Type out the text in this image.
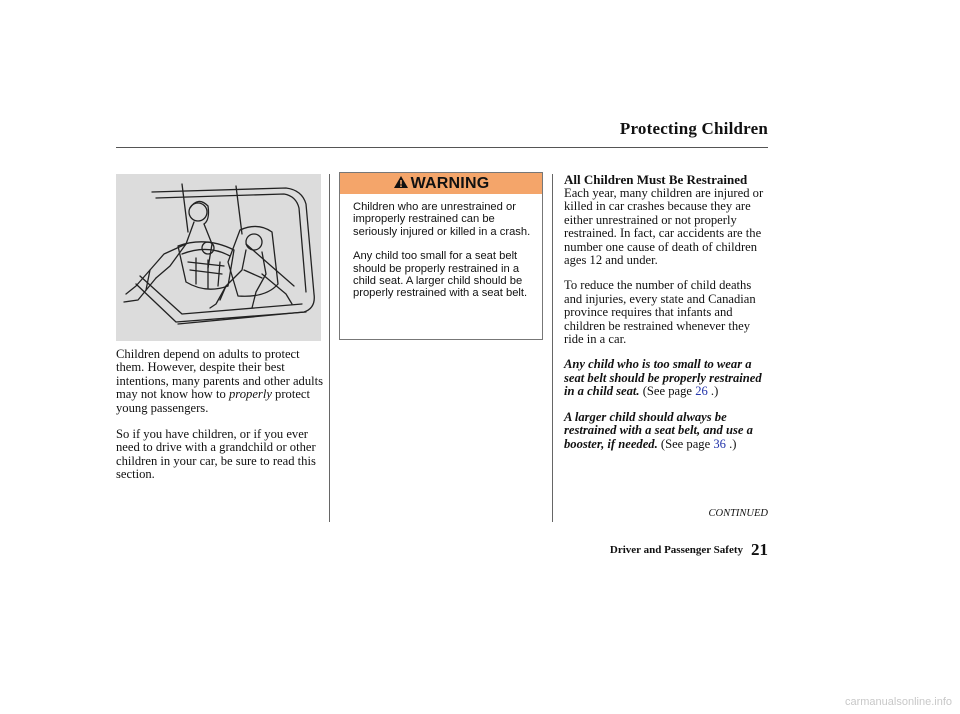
Protecting Children

Children depend on adults to protect them. However, despite their best intentions, many parents and other adults may not know how to properly protect young passengers.

So if you have children, or if you ever need to drive with a grandchild or other children in your car, be sure to read this section.

WARNING

Children who are unrestrained or improperly restrained can be seriously injured or killed in a crash.

Any child too small for a seat belt should be properly restrained in a child seat. A larger child should be properly restrained with a seat belt.

All Children Must Be Restrained

Each year, many children are injured or killed in car crashes because they are either unrestrained or not properly restrained. In fact, car accidents are the number one cause of death of children ages 12 and under.

To reduce the number of child deaths and injuries, every state and Canadian province requires that infants and children be restrained whenever they ride in a car.

Any child who is too small to wear a seat belt should be properly restrained in a child seat. (See page 26 .)

A larger child should always be restrained with a seat belt, and use a booster, if needed. (See page 36 .)

CONTINUED
Driver and Passenger Safety 21
carmanualsonline.info
